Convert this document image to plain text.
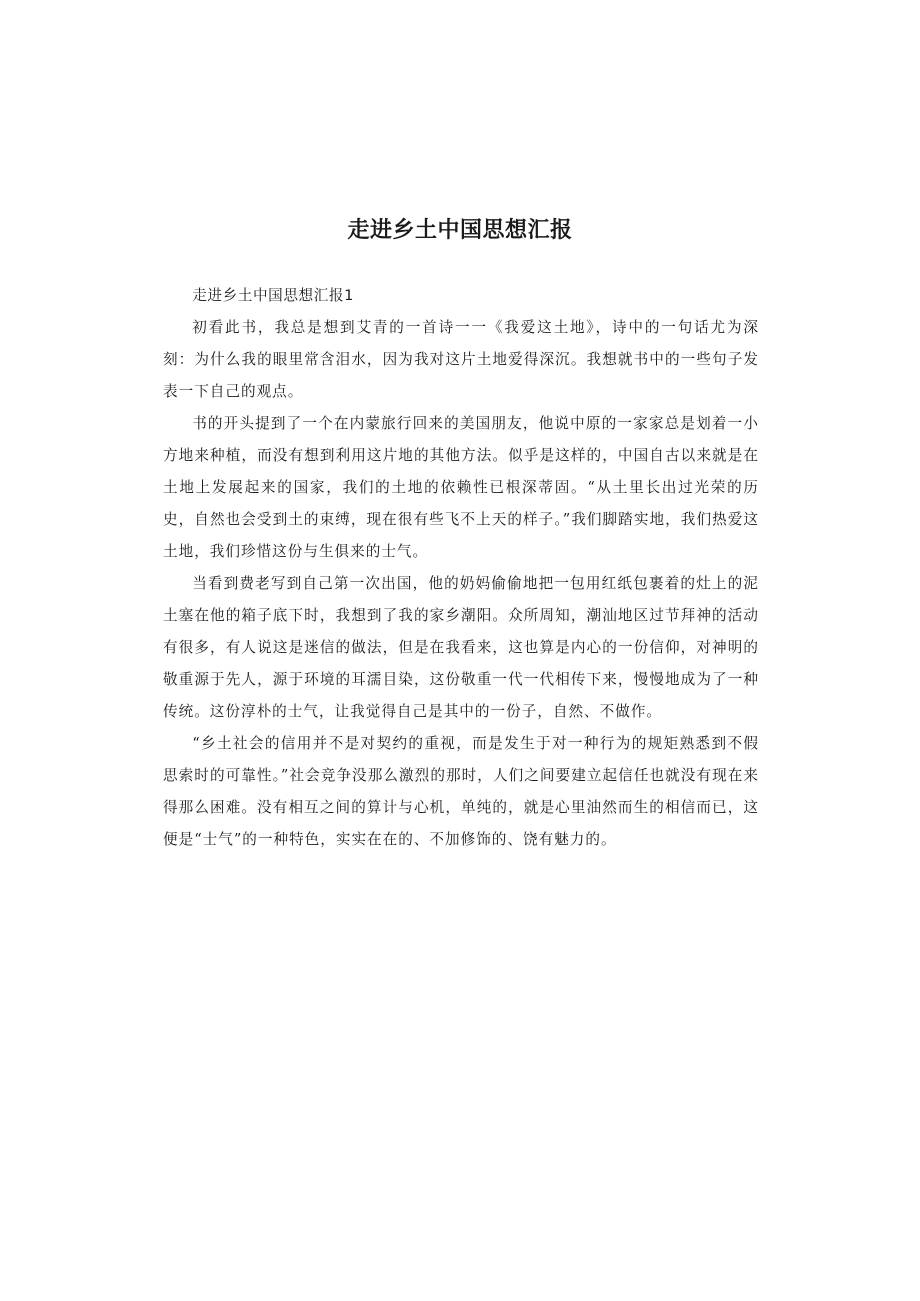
走进乡土中国思想汇报

走进乡土中国思想汇报1

初看此书，我总是想到艾青的一首诗一一《我爱这土地》，诗中的一句话尤为深刻：为什么我的眼里常含泪水，因为我对这片土地爱得深沉。我想就书中的一些句子发表一下自己的观点。

书的开头提到了一个在内蒙旅行回来的美国朋友，他说中原的一家家总是划着一小方地来种植，而没有想到利用这片地的其他方法。似乎是这样的，中国自古以来就是在土地上发展起来的国家，我们的土地的依赖性已根深蒂固。“从土里长出过光荣的历史，自然也会受到土的束缚，现在很有些飞不上天的样子。”我们脚踏实地，我们热爱这土地，我们珍惜这份与生俱来的士气。

当看到费老写到自己第一次出国，他的奶妈偷偷地把一包用红纸包裹着的灶上的泥土塞在他的箱子底下时，我想到了我的家乡潮阳。众所周知，潮汕地区过节拜神的活动有很多，有人说这是迷信的做法，但是在我看来，这也算是内心的一份信仰，对神明的敬重源于先人，源于环境的耳濡目染，这份敬重一代一代相传下来，慢慢地成为了一种传统。这份淳朴的士气，让我觉得自己是其中的一份子，自然、不做作。

“乡土社会的信用并不是对契约的重视，而是发生于对一种行为的规矩熟悉到不假思索时的可靠性。”社会竞争没那么激烈的那时，人们之间要建立起信任也就没有现在来得那么困难。没有相互之间的算计与心机，单纯的，就是心里油然而生的相信而已，这便是“士气”的一种特色，实实在在的、不加修饰的、饶有魅力的。
